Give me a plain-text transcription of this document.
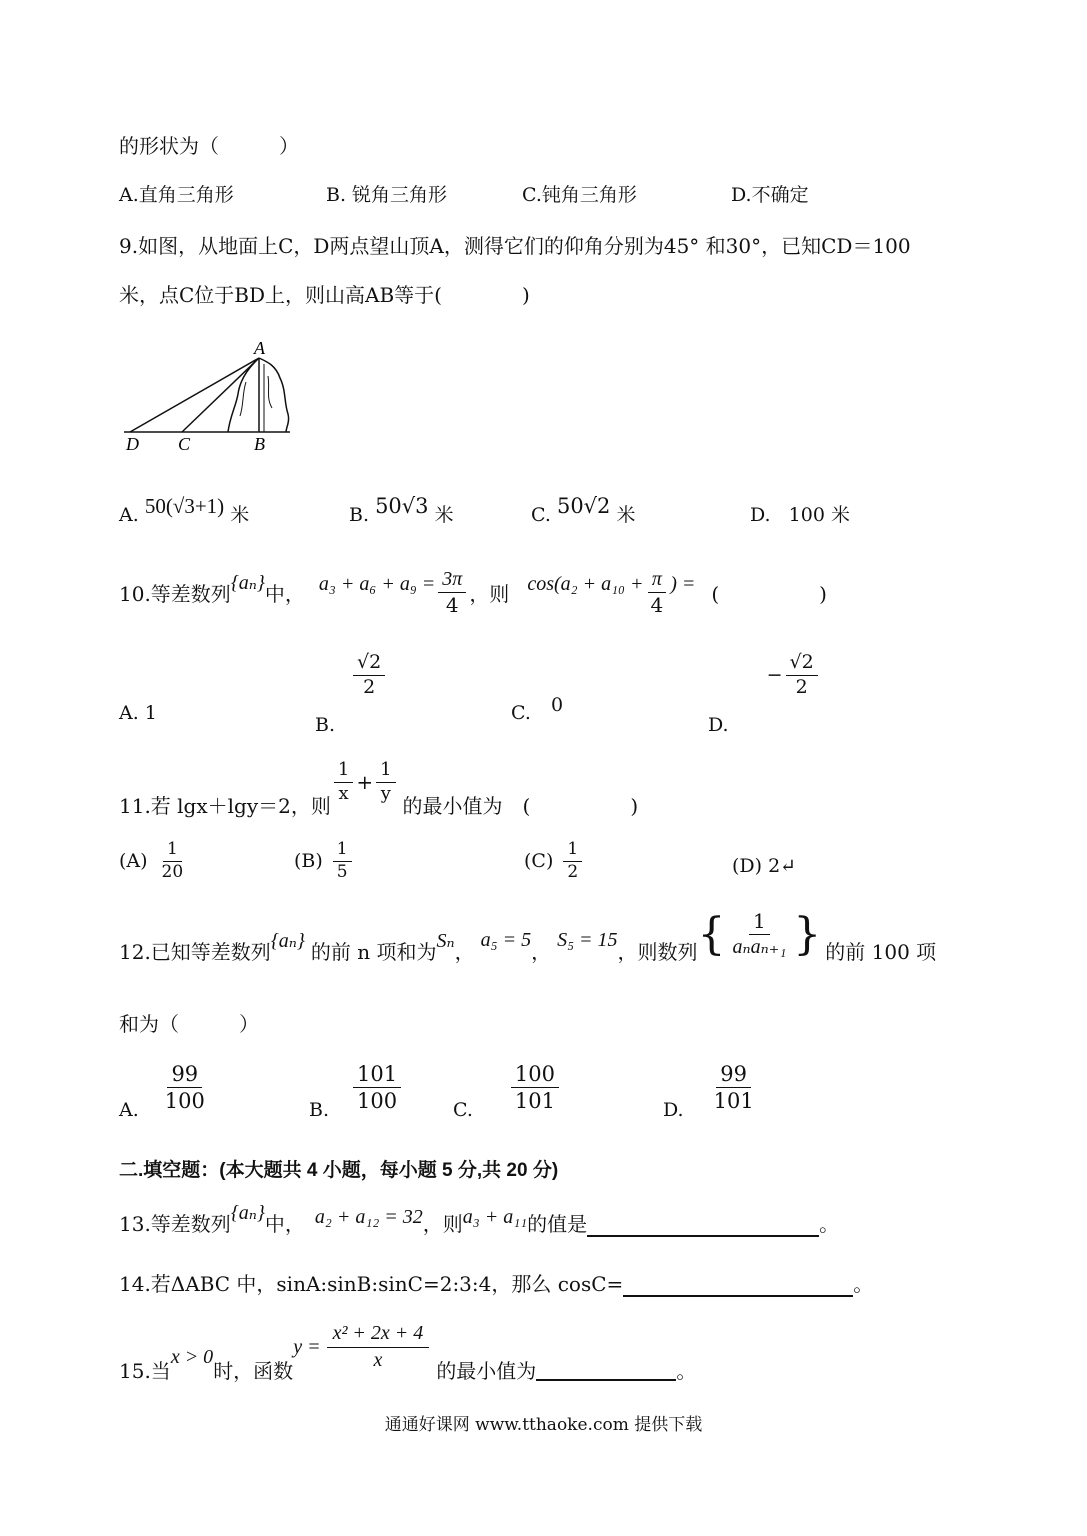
的形状为（　　　）
A.直角三角形	B. 锐角三角形	C.钝角三角形	D.不确定
9.如图，从地面上C，D两点望山顶A，测得它们的仰角分别为45° 和30°，已知CD＝100
米，点C位于BD上，则山高AB等于(　　　　)
A
B
C
D
A. 50(√3+1) 米	B. 50√3 米	C. 50√2 米	D. 100 米
10.等差数列 {aₙ} 中， $a_3 + a_6 + a_9 = \frac{3\pi}{4}$ ，则 $\cos(a_2 + a_{10} + \frac{\pi}{4}$ ) = (　　　　　)
A. 1
B.
$\frac{√2}{2}$
C. 0
D.
− $\frac{√2}{2}$
11.若 lgx＋lgy＝2，则
$\frac{1}{x} + \frac{1}{y}$
的最小值为　(　　　　　)
$(A) \frac{1}{20}$	$(B) \frac{1}{5}$	$(C) \frac{1}{2}$	(D) 2↵
12.已知等差数列 {aₙ} 的前 n 项和为 Sₙ ， a₅ = 5 ， S₅ = 15 ，则数列 { $\frac{1}{\text{aₙaₙ₊₁}}$ } 的前 100 项
和为（　　　）
A. $\frac{99}{100}$	B. $\frac{101}{100}$	C. $\frac{100}{101}$	D. $\frac{99}{101}$
二.填空题：(本大题共 4 小题，每小题 5 分,共 20 分)
13.等差数列 {aₙ} 中， a₂ + a₁₂ = 32 ，则 a₃ + a₁₁ 的值是	。
14.若ΔABC 中，sinA:sinB:sinC=2:3:4，那么 cosC=	。
15.当
x > 0
时，函数
$y = \frac{\text{x² + 2x + 4}}{x}$ 的最小值为	。
通通好课网 www.tthaoke.com 提供下载
